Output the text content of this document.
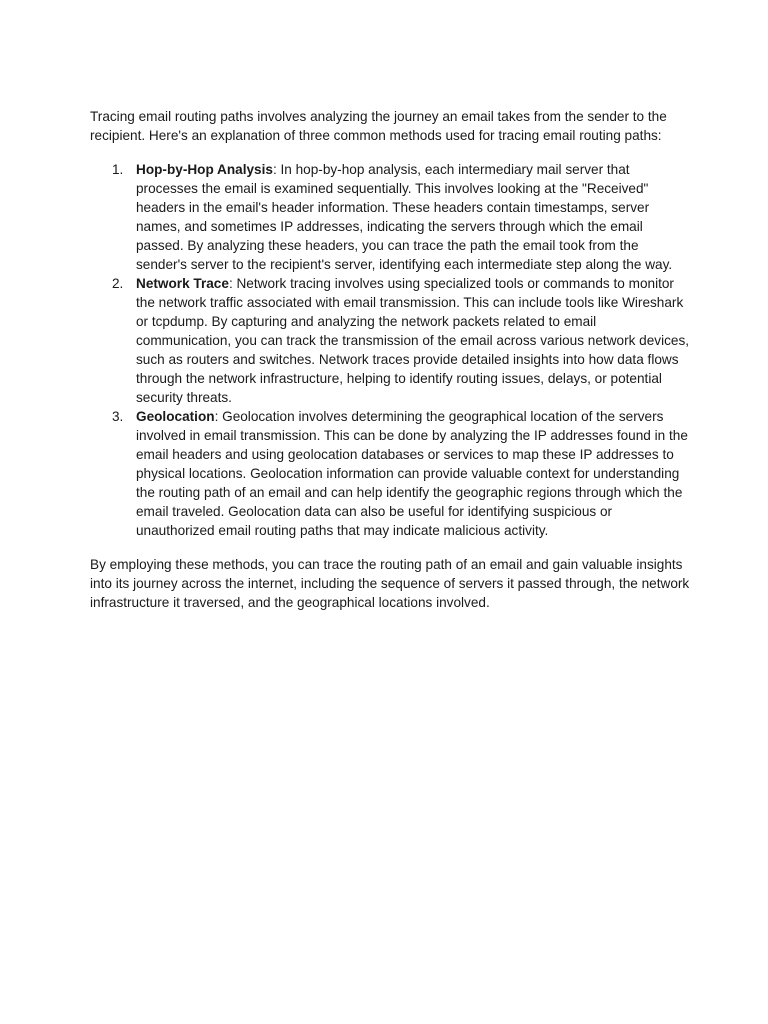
Tracing email routing paths involves analyzing the journey an email takes from the sender to the recipient. Here's an explanation of three common methods used for tracing email routing paths:

1. Hop-by-Hop Analysis: In hop-by-hop analysis, each intermediary mail server that processes the email is examined sequentially. This involves looking at the "Received" headers in the email's header information. These headers contain timestamps, server names, and sometimes IP addresses, indicating the servers through which the email passed. By analyzing these headers, you can trace the path the email took from the sender's server to the recipient's server, identifying each intermediate step along the way.
2. Network Trace: Network tracing involves using specialized tools or commands to monitor the network traffic associated with email transmission. This can include tools like Wireshark or tcpdump. By capturing and analyzing the network packets related to email communication, you can track the transmission of the email across various network devices, such as routers and switches. Network traces provide detailed insights into how data flows through the network infrastructure, helping to identify routing issues, delays, or potential security threats.
3. Geolocation: Geolocation involves determining the geographical location of the servers involved in email transmission. This can be done by analyzing the IP addresses found in the email headers and using geolocation databases or services to map these IP addresses to physical locations. Geolocation information can provide valuable context for understanding the routing path of an email and can help identify the geographic regions through which the email traveled. Geolocation data can also be useful for identifying suspicious or unauthorized email routing paths that may indicate malicious activity.

By employing these methods, you can trace the routing path of an email and gain valuable insights into its journey across the internet, including the sequence of servers it passed through, the network infrastructure it traversed, and the geographical locations involved.
